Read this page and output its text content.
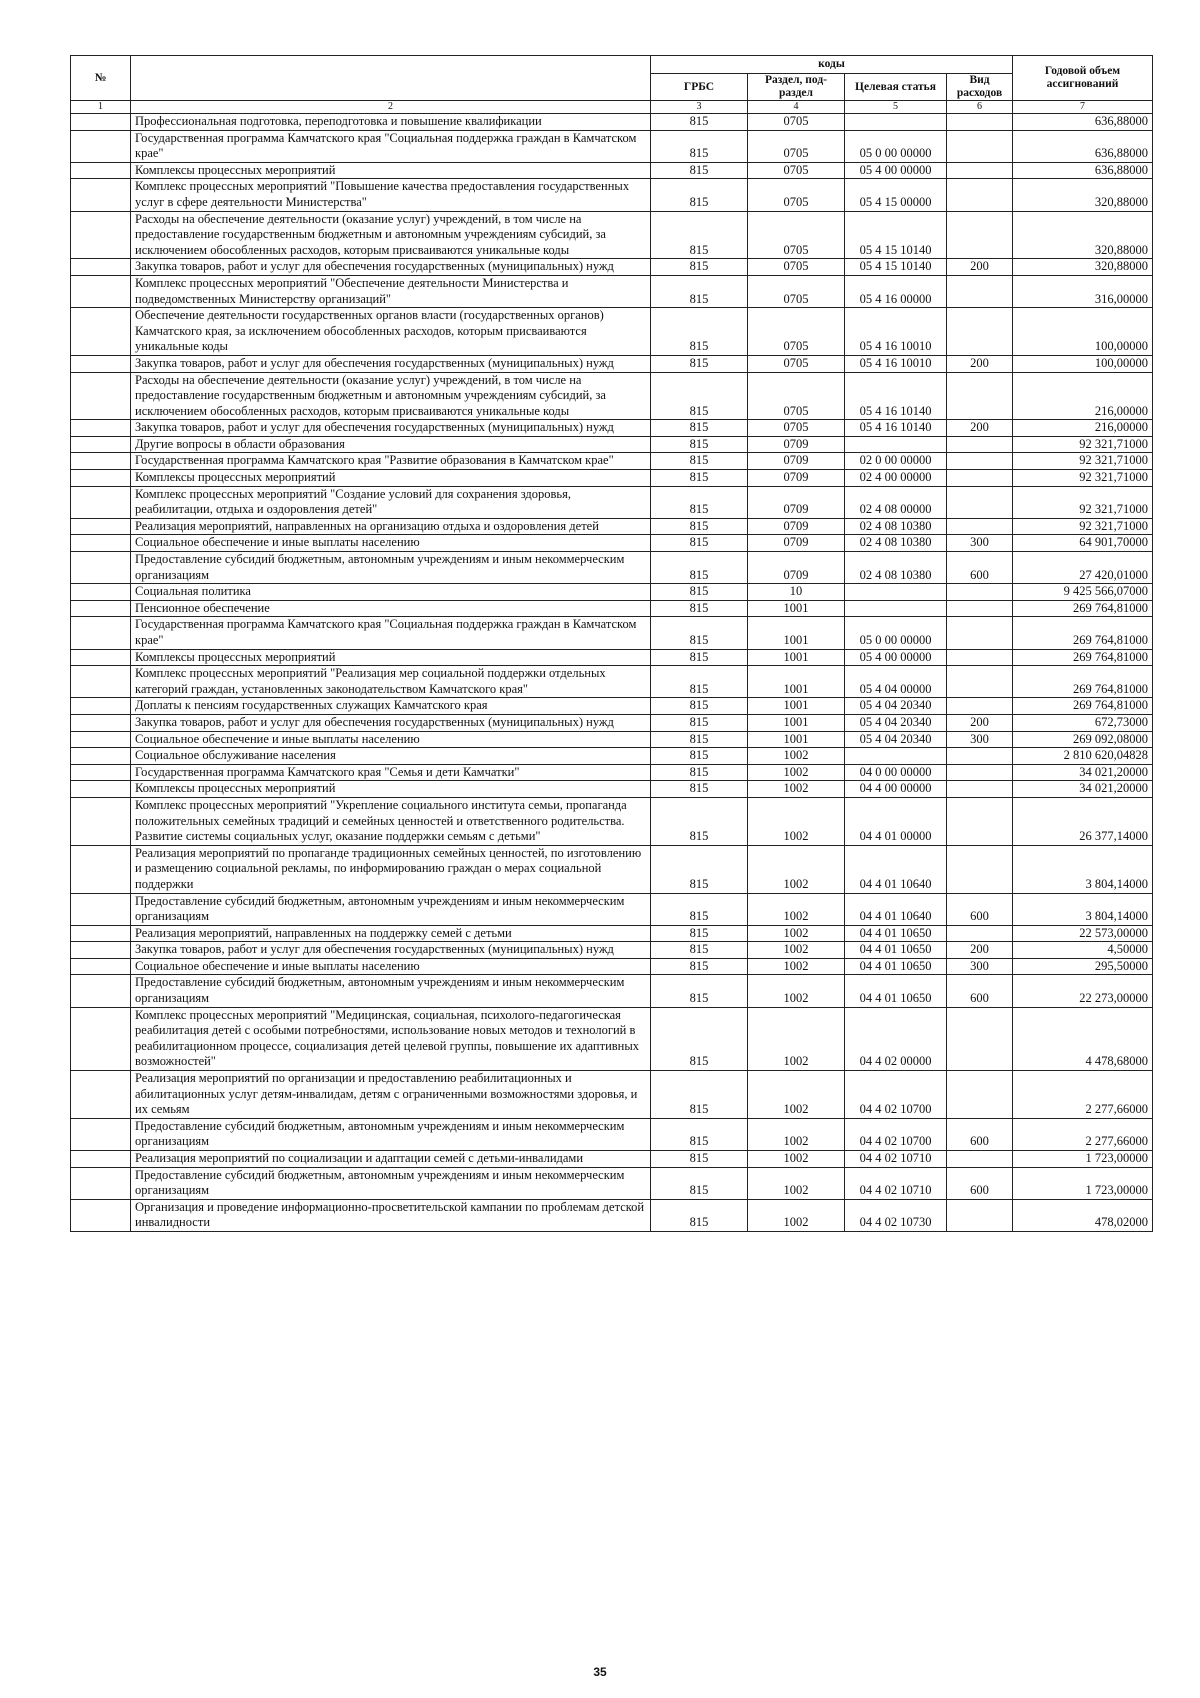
№		коды				Годовой объем ассигнований
		ГРБС	Раздел, под-раздел	Целевая статья	Вид расходов	
1	2	3	4	5	6	7
	Профессиональная подготовка, переподготовка и повышение квалификации	815	0705			636,88000
	Государственная программа Камчатского края "Социальная поддержка граждан в Камчатском крае"	815	0705	05 0 00 00000		636,88000
	Комплексы процессных мероприятий	815	0705	05 4 00 00000		636,88000
	Комплекс процессных мероприятий "Повышение качества предоставления государственных услуг в сфере деятельности Министерства"	815	0705	05 4 15 00000		320,88000
	Расходы на обеспечение деятельности (оказание услуг) учреждений, в том числе на предоставление государственным бюджетным и автономным учреждениям субсидий, за исключением обособленных расходов, которым присваиваются уникальные коды	815	0705	05 4 15 10140		320,88000
	Закупка товаров, работ и услуг для обеспечения государственных (муниципальных) нужд	815	0705	05 4 15 10140	200	320,88000
	Комплекс процессных мероприятий "Обеспечение деятельности Министерства и подведомственных Министерству организаций"	815	0705	05 4 16 00000		316,00000
	Обеспечение деятельности государственных органов власти (государственных органов) Камчатского края, за исключением обособленных расходов, которым присваиваются уникальные коды	815	0705	05 4 16 10010		100,00000
	Закупка товаров, работ и услуг для обеспечения государственных (муниципальных) нужд	815	0705	05 4 16 10010	200	100,00000
	Расходы на обеспечение деятельности (оказание услуг) учреждений, в том числе на предоставление государственным бюджетным и автономным учреждениям субсидий, за исключением обособленных расходов, которым присваиваются уникальные коды	815	0705	05 4 16 10140		216,00000
	Закупка товаров, работ и услуг для обеспечения государственных (муниципальных) нужд	815	0705	05 4 16 10140	200	216,00000
	Другие вопросы в области образования	815	0709			92 321,71000
	Государственная программа Камчатского края "Развитие образования в Камчатском крае"	815	0709	02 0 00 00000		92 321,71000
	Комплексы процессных мероприятий	815	0709	02 4 00 00000		92 321,71000
	Комплекс процессных мероприятий "Создание условий для сохранения здоровья, реабилитации, отдыха и оздоровления детей"	815	0709	02 4 08 00000		92 321,71000
	Реализация мероприятий, направленных на организацию отдыха и оздоровления детей	815	0709	02 4 08 10380		92 321,71000
	Социальное обеспечение и иные выплаты населению	815	0709	02 4 08 10380	300	64 901,70000
	Предоставление субсидий бюджетным, автономным учреждениям и иным некоммерческим организациям	815	0709	02 4 08 10380	600	27 420,01000
	Социальная политика	815	10			9 425 566,07000
	Пенсионное обеспечение	815	1001			269 764,81000
	Государственная программа Камчатского края "Социальная поддержка граждан в Камчатском крае"	815	1001	05 0 00 00000		269 764,81000
	Комплексы процессных мероприятий	815	1001	05 4 00 00000		269 764,81000
	Комплекс процессных мероприятий "Реализация мер социальной поддержки отдельных категорий граждан, установленных законодательством Камчатского края"	815	1001	05 4 04 00000		269 764,81000
	Доплаты к пенсиям государственных служащих Камчатского края	815	1001	05 4 04 20340		269 764,81000
	Закупка товаров, работ и услуг для обеспечения государственных (муниципальных) нужд	815	1001	05 4 04 20340	200	672,73000
	Социальное обеспечение и иные выплаты населению	815	1001	05 4 04 20340	300	269 092,08000
	Социальное обслуживание населения	815	1002			2 810 620,04828
	Государственная программа Камчатского края "Семья и дети Камчатки"	815	1002	04 0 00 00000		34 021,20000
	Комплексы процессных мероприятий	815	1002	04 4 00 00000		34 021,20000
	Комплекс процессных мероприятий "Укрепление социального института семьи, пропаганда положительных семейных традиций и семейных ценностей и ответственного родительства. Развитие системы социальных услуг, оказание поддержки семьям с детьми"	815	1002	04 4 01 00000		26 377,14000
	Реализация мероприятий по пропаганде традиционных семейных ценностей, по изготовлению и размещению социальной рекламы, по информированию граждан о мерах социальной поддержки	815	1002	04 4 01 10640		3 804,14000
	Предоставление субсидий бюджетным, автономным учреждениям и иным некоммерческим организациям	815	1002	04 4 01 10640	600	3 804,14000
	Реализация мероприятий, направленных на поддержку семей с детьми	815	1002	04 4 01 10650		22 573,00000
	Закупка товаров, работ и услуг для обеспечения государственных (муниципальных) нужд	815	1002	04 4 01 10650	200	4,50000
	Социальное обеспечение и иные выплаты населению	815	1002	04 4 01 10650	300	295,50000
	Предоставление субсидий бюджетным, автономным учреждениям и иным некоммерческим организациям	815	1002	04 4 01 10650	600	22 273,00000
	Комплекс процессных мероприятий "Медицинская, социальная, психолого-педагогическая реабилитация детей с особыми потребностями, использование новых методов и технологий в реабилитационном процессе, социализация детей целевой группы, повышение их адаптивных возможностей"	815	1002	04 4 02 00000		4 478,68000
	Реализация мероприятий по организации и предоставлению реабилитационных и абилитационных услуг детям-инвалидам, детям с ограниченными возможностями здоровья, и их семьям	815	1002	04 4 02 10700		2 277,66000
	Предоставление субсидий бюджетным, автономным учреждениям и иным некоммерческим организациям	815	1002	04 4 02 10700	600	2 277,66000
	Реализация мероприятий по социализации и адаптации семей с детьми-инвалидами	815	1002	04 4 02 10710		1 723,00000
	Предоставление субсидий бюджетным, автономным учреждениям и иным некоммерческим организациям	815	1002	04 4 02 10710	600	1 723,00000
	Организация и проведение информационно-просветительской кампании по проблемам детской инвалидности	815	1002	04 4 02 10730		478,02000
35
